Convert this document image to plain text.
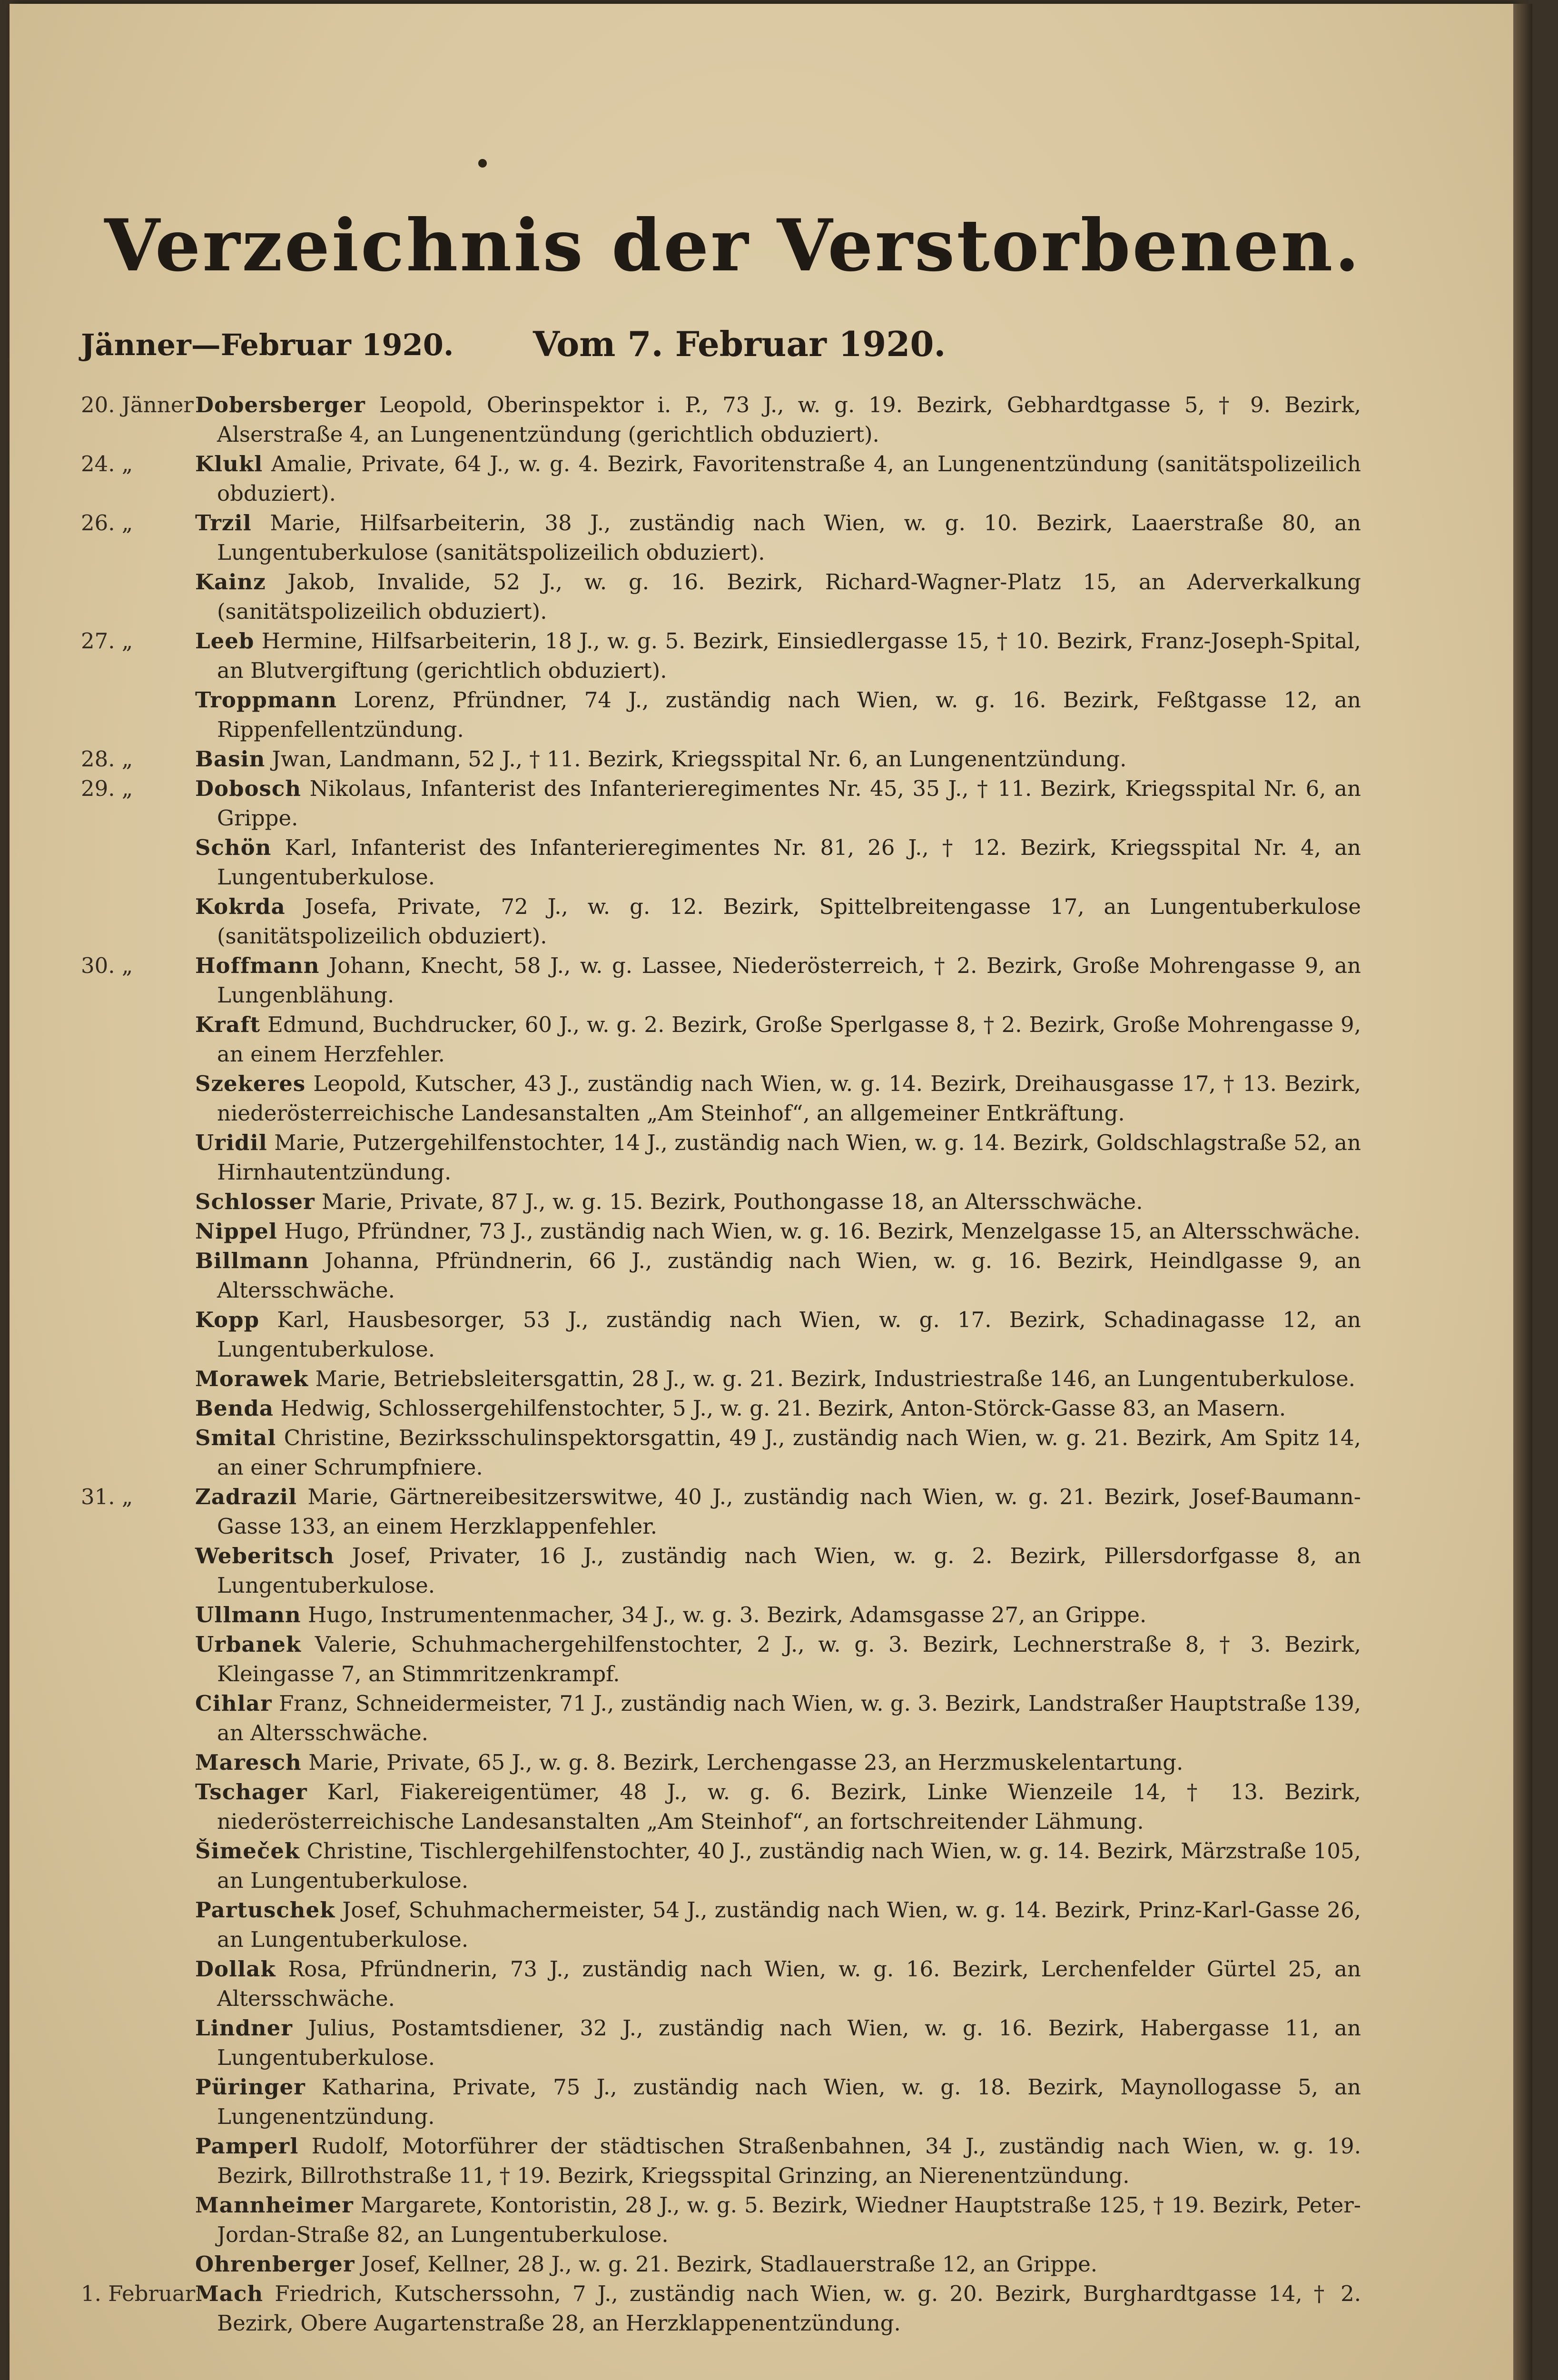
Verzeichnis der Verstorbenen.
Jänner—Februar 1920. Vom 7. Februar 1920.
20. Jänner Dobersberger Leopold, Oberinspektor i. P., 73 J., w. g. 19. Bezirk, Gebhardtgasse 5, † 9. Bezirk, Alserstraße 4, an Lungenentzündung (gerichtlich obduziert).
24. „	Klukl Amalie, Private, 64 J., w. g. 4. Bezirk, Favoritenstraße 4, an Lungenentzündung (sanitätspolizeilich obduziert).
26. „	Trzil Marie, Hilfsarbeiterin, 38 J., zuständig nach Wien, w. g. 10. Bezirk, Laaerstraße 80, an Lungentuberkulose (sanitätspolizeilich obduziert).
Kainz Jakob, Invalide, 52 J., w. g. 16. Bezirk, Richard-Wagner-Platz 15, an Aderverkalkung (sanitätspolizeilich obduziert).
27. „	Leeb Hermine, Hilfsarbeiterin, 18 J., w. g. 5. Bezirk, Einsiedlergasse 15, † 10. Bezirk, Franz-Joseph-Spital, an Blutvergiftung (gerichtlich obduziert).
Troppmann Lorenz, Pfründner, 74 J., zuständig nach Wien, w. g. 16. Bezirk, Feßtgasse 12, an Rippenfellentzündung.
28. „	Basin Jwan, Landmann, 52 J., † 11. Bezirk, Kriegsspital Nr. 6, an Lungenentzündung.
29. „	Dobosch Nikolaus, Infanterist des Infanterieregimentes Nr. 45, 35 J., † 11. Bezirk, Kriegsspital Nr. 6, an Grippe.
Schön Karl, Infanterist des Infanterieregimentes Nr. 81, 26 J., † 12. Bezirk, Kriegsspital Nr. 4, an Lungentuberkulose.
Kokrda Josefa, Private, 72 J., w. g. 12. Bezirk, Spittelbreitengasse 17, an Lungentuberkulose (sanitätspolizeilich obduziert).
30. „	Hoffmann Johann, Knecht, 58 J., w. g. Lassee, Niederösterreich, † 2. Bezirk, Große Mohrengasse 9, an Lungenblähung.
Kraft Edmund, Buchdrucker, 60 J., w. g. 2. Bezirk, Große Sperlgasse 8, † 2. Bezirk, Große Mohrengasse 9, an einem Herzfehler.
Szekeres Leopold, Kutscher, 43 J., zuständig nach Wien, w. g. 14. Bezirk, Dreihausgasse 17, † 13. Bezirk, niederösterreichische Landesanstalten „Am Steinhof“, an allgemeiner Entkräftung.
Uridil Marie, Putzergehilfenstochter, 14 J., zuständig nach Wien, w. g. 14. Bezirk, Goldschlagstraße 52, an Hirnhautentzündung.
Schlosser Marie, Private, 87 J., w. g. 15. Bezirk, Pouthongasse 18, an Altersschwäche.
Nippel Hugo, Pfründner, 73 J., zuständig nach Wien, w. g. 16. Bezirk, Menzelgasse 15, an Altersschwäche.
Billmann Johanna, Pfründnerin, 66 J., zuständig nach Wien, w. g. 16. Bezirk, Heindlgasse 9, an Altersschwäche.
Kopp Karl, Hausbesorger, 53 J., zuständig nach Wien, w. g. 17. Bezirk, Schadinagasse 12, an Lungentuberkulose.
Morawek Marie, Betriebsleitersgattin, 28 J., w. g. 21. Bezirk, Industriestraße 146, an Lungentuberkulose.
Benda Hedwig, Schlossergehilfenstochter, 5 J., w. g. 21. Bezirk, Anton-Störck-Gasse 83, an Masern.
Smital Christine, Bezirksschulinspektorsgattin, 49 J., zuständig nach Wien, w. g. 21. Bezirk, Am Spitz 14, an einer Schrumpfniere.
31. „	Zadrazil Marie, Gärtnereibesitzerswitwe, 40 J., zuständig nach Wien, w. g. 21. Bezirk, Josef-Baumann-Gasse 133, an einem Herzklappenfehler.
Weberitsch Josef, Privater, 16 J., zuständig nach Wien, w. g. 2. Bezirk, Pillersdorfgasse 8, an Lungentuberkulose.
Ullmann Hugo, Instrumentenmacher, 34 J., w. g. 3. Bezirk, Adamsgasse 27, an Grippe.
Urbanek Valerie, Schuhmachergehilfenstochter, 2 J., w. g. 3. Bezirk, Lechnerstraße 8, † 3. Bezirk, Kleingasse 7, an Stimmritzenkrampf.
Cihlar Franz, Schneidermeister, 71 J., zuständig nach Wien, w. g. 3. Bezirk, Landstraßer Hauptstraße 139, an Altersschwäche.
Maresch Marie, Private, 65 J., w. g. 8. Bezirk, Lerchengasse 23, an Herzmuskelentartung.
Tschager Karl, Fiakereigentümer, 48 J., w. g. 6. Bezirk, Linke Wienzeile 14, † 13. Bezirk, niederösterreichische Landesanstalten „Am Steinhof“, an fortschreitender Lähmung.
Šimeček Christine, Tischlergehilfenstochter, 40 J., zuständig nach Wien, w. g. 14. Bezirk, Märzstraße 105, an Lungentuberkulose.
Partuschek Josef, Schuhmachermeister, 54 J., zuständig nach Wien, w. g. 14. Bezirk, Prinz-Karl-Gasse 26, an Lungentuberkulose.
Dollak Rosa, Pfründnerin, 73 J., zuständig nach Wien, w. g. 16. Bezirk, Lerchenfelder Gürtel 25, an Altersschwäche.
Lindner Julius, Postamtsdiener, 32 J., zuständig nach Wien, w. g. 16. Bezirk, Habergasse 11, an Lungentuberkulose.
Püringer Katharina, Private, 75 J., zuständig nach Wien, w. g. 18. Bezirk, Maynollogasse 5, an Lungenentzündung.
Pamperl Rudolf, Motorführer der städtischen Straßenbahnen, 34 J., zuständig nach Wien, w. g. 19. Bezirk, Billrothstraße 11, † 19. Bezirk, Kriegsspital Grinzing, an Nierenentzündung.
Mannheimer Margarete, Kontoristin, 28 J., w. g. 5. Bezirk, Wiedner Hauptstraße 125, † 19. Bezirk, Peter-Jordan-Straße 82, an Lungentuberkulose.
Ohrenberger Josef, Kellner, 28 J., w. g. 21. Bezirk, Stadlauerstraße 12, an Grippe.
1. Februar Mach Friedrich, Kutscherssohn, 7 J., zuständig nach Wien, w. g. 20. Bezirk, Burghardtgasse 14, † 2. Bezirk, Obere Augartenstraße 28, an Herzklappenentzündung.
